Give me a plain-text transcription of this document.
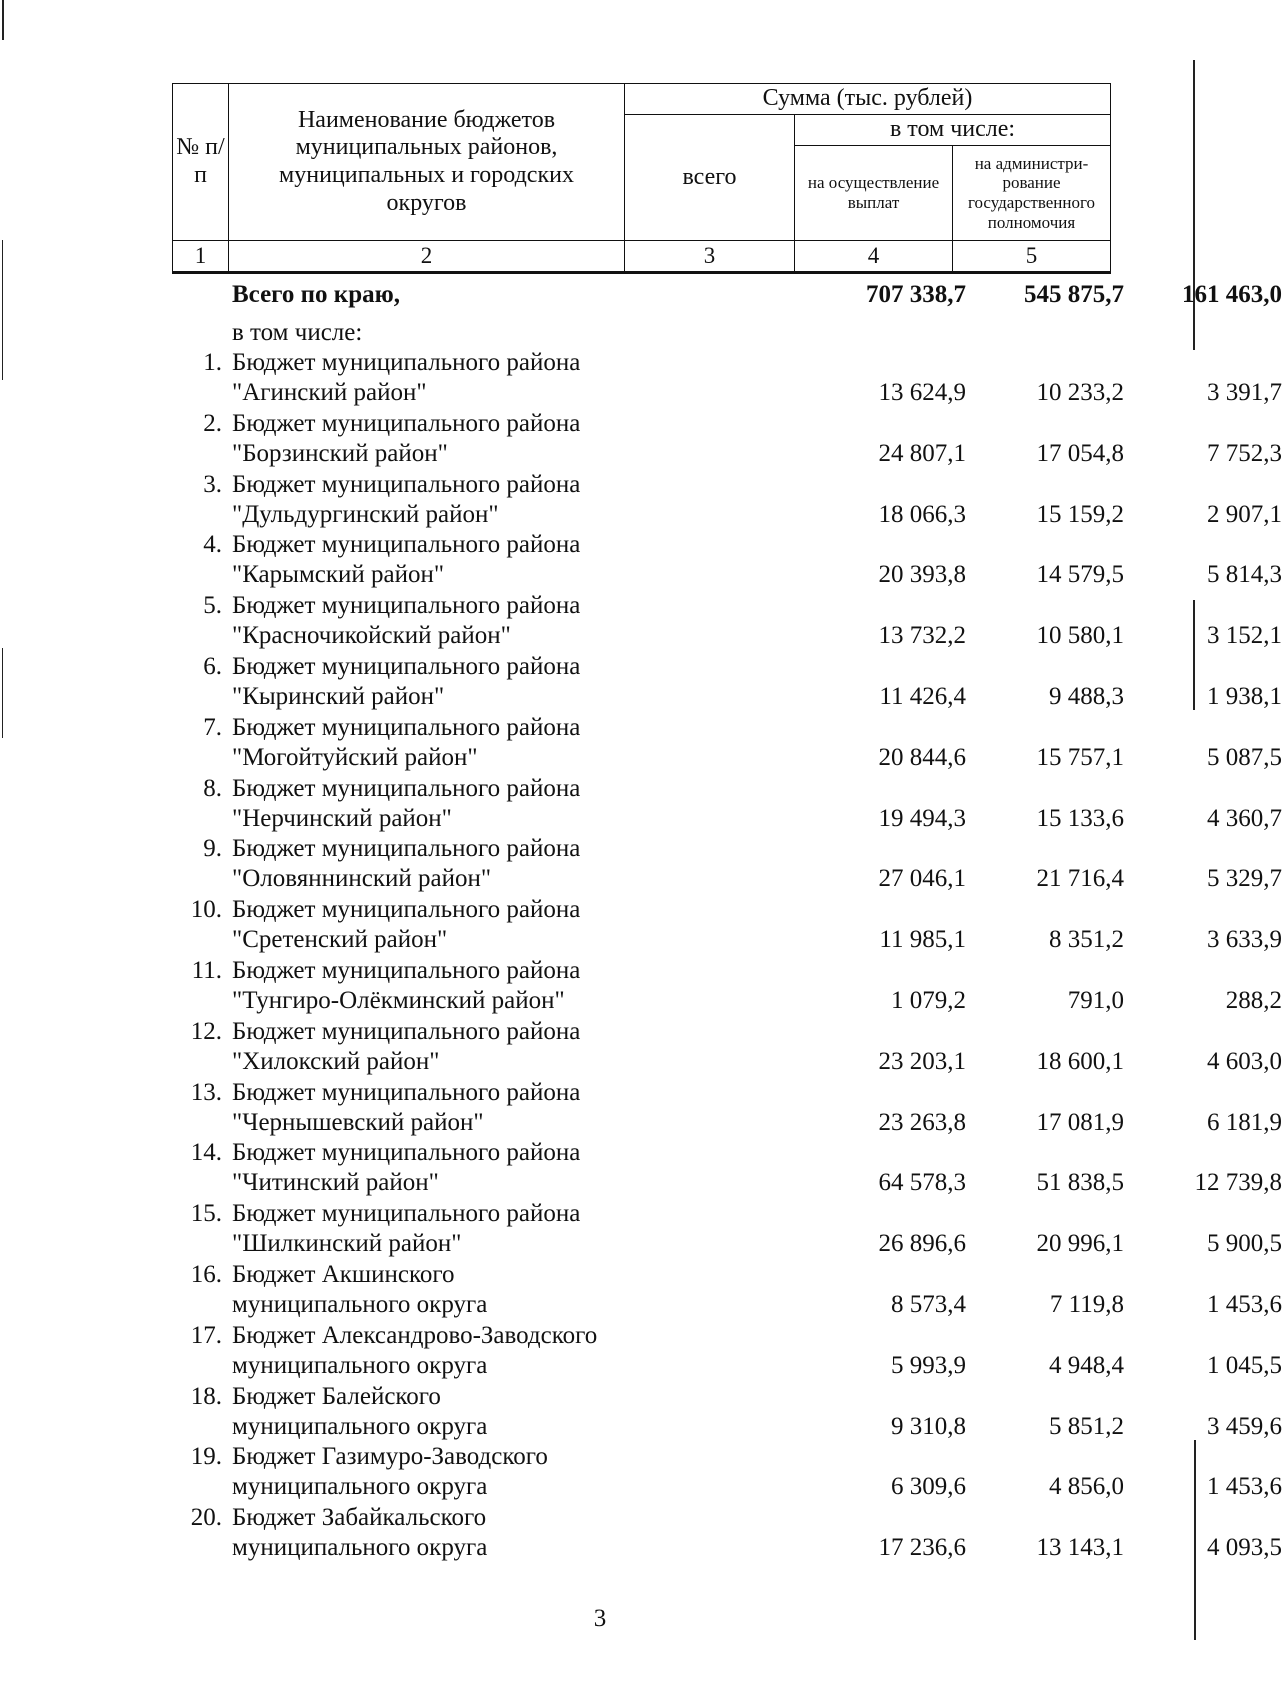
№ п/п	Наименование бюджетов муниципальных районов, муниципальных и городских округов	Сумма (тыс. рублей)		
		всего	в том числе:	
			на осуществление выплат	на администри-рование государственного полномочия
1	2	3	4	5
Всего по краю,	707 338,7	545 875,7	161 463,0
в том числе:
1. Бюджет муниципального района
"Агинский район"	13 624,9	10 233,2	3 391,7
2. Бюджет муниципального района
"Борзинский район"	24 807,1	17 054,8	7 752,3
3. Бюджет муниципального района
"Дульдургинский район"	18 066,3	15 159,2	2 907,1
4. Бюджет муниципального района
"Карымский район"	20 393,8	14 579,5	5 814,3
5. Бюджет муниципального района
"Красночикойский район"	13 732,2	10 580,1	3 152,1
6. Бюджет муниципального района
"Кыринский район"	11 426,4	9 488,3	1 938,1
7. Бюджет муниципального района
"Могойтуйский район"	20 844,6	15 757,1	5 087,5
8. Бюджет муниципального района
"Нерчинский район"	19 494,3	15 133,6	4 360,7
9. Бюджет муниципального района
"Оловяннинский район"	27 046,1	21 716,4	5 329,7
10. Бюджет муниципального района
"Сретенский район"	11 985,1	8 351,2	3 633,9
11. Бюджет муниципального района
"Тунгиро-Олёкминский район"	1 079,2	791,0	288,2
12. Бюджет муниципального района
"Хилокский район"	23 203,1	18 600,1	4 603,0
13. Бюджет муниципального района
"Чернышевский район"	23 263,8	17 081,9	6 181,9
14. Бюджет муниципального района
"Читинский район"	64 578,3	51 838,5	12 739,8
15. Бюджет муниципального района
"Шилкинский район"	26 896,6	20 996,1	5 900,5
16. Бюджет Акшинского
муниципального округа	8 573,4	7 119,8	1 453,6
17. Бюджет Александрово-Заводского
муниципального округа	5 993,9	4 948,4	1 045,5
18. Бюджет Балейского
муниципального округа	9 310,8	5 851,2	3 459,6
19. Бюджет Газимуро-Заводского
муниципального округа	6 309,6	4 856,0	1 453,6
20. Бюджет Забайкальского
муниципального округа	17 236,6	13 143,1	4 093,5
3
